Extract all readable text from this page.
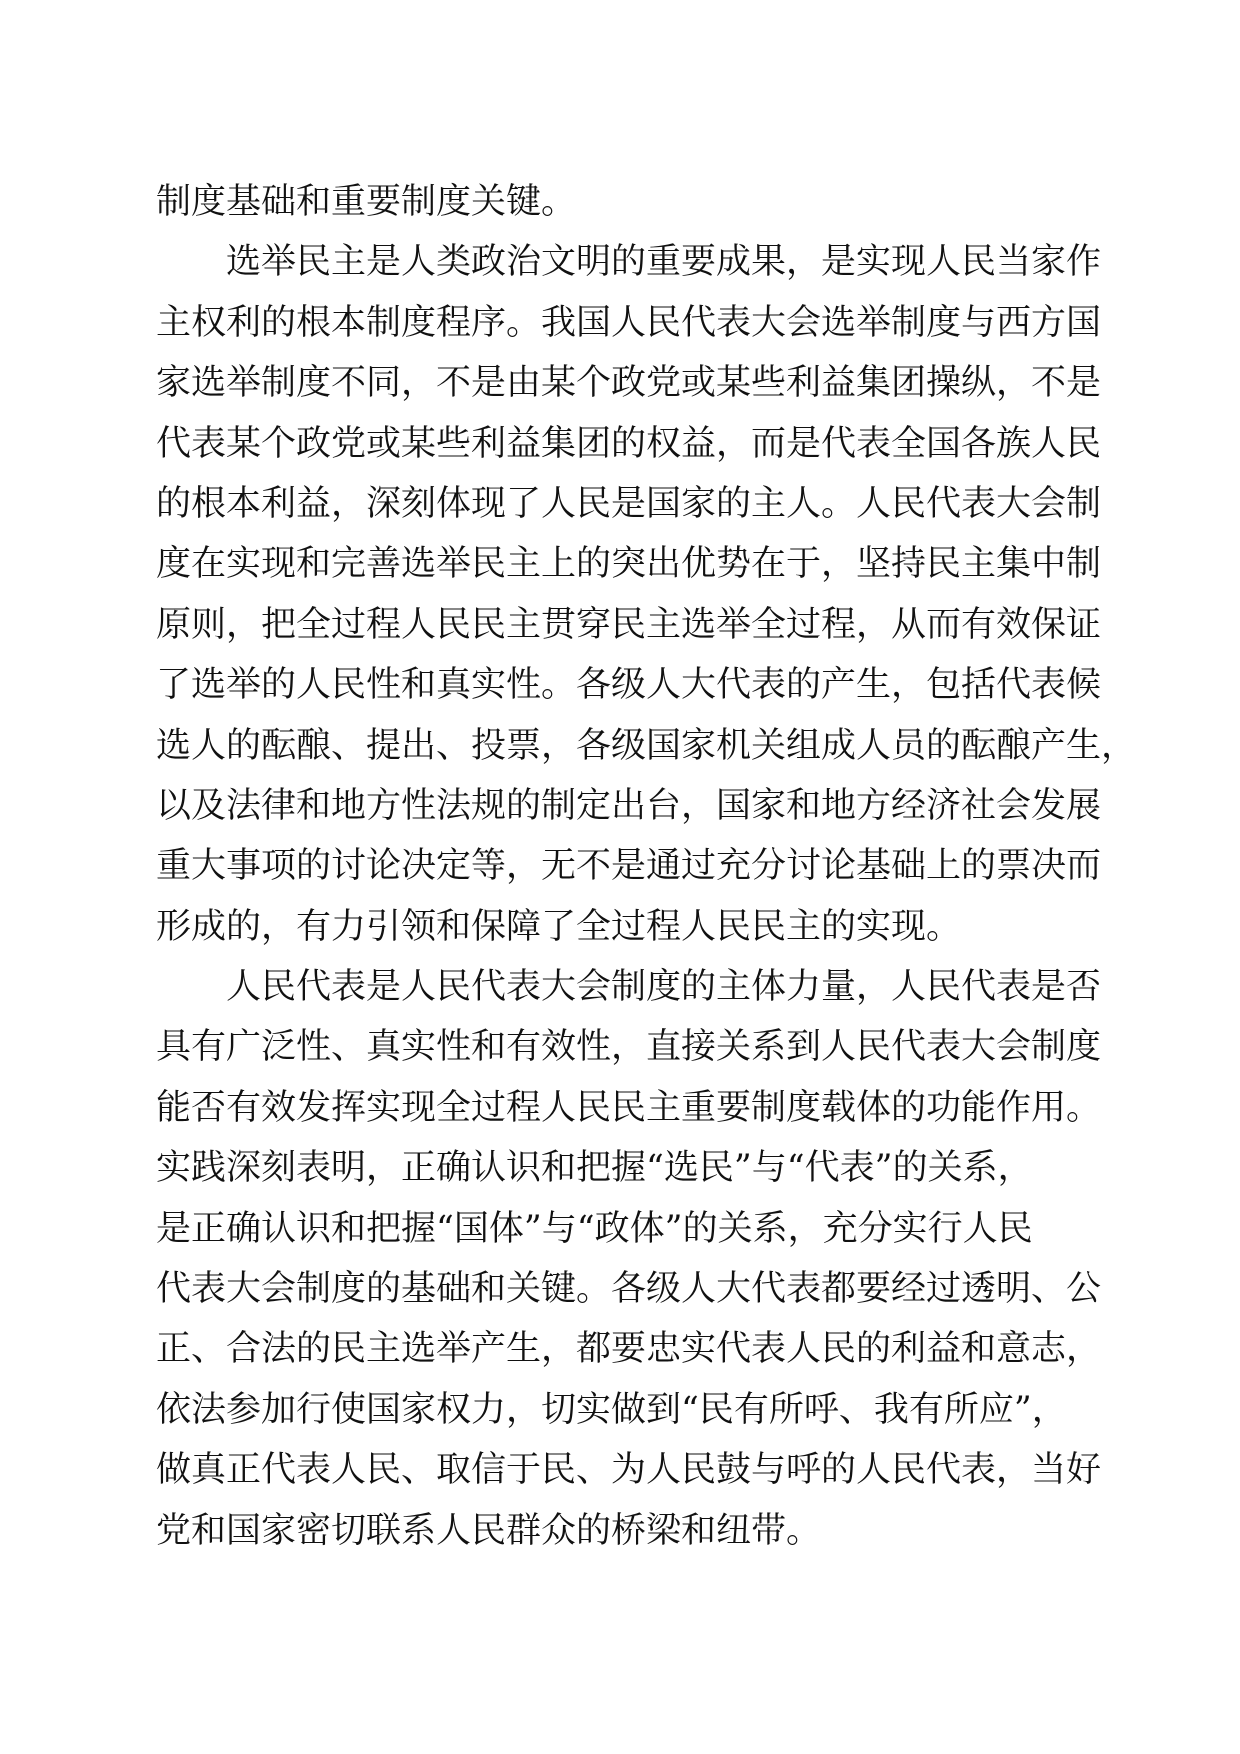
制度基础和重要制度关键。
选举民主是人类政治文明的重要成果，是实现人民当家作
主权利的根本制度程序。我国人民代表大会选举制度与西方国
家选举制度不同，不是由某个政党或某些利益集团操纵，不是
代表某个政党或某些利益集团的权益，而是代表全国各族人民
的根本利益，深刻体现了人民是国家的主人。人民代表大会制
度在实现和完善选举民主上的突出优势在于，坚持民主集中制
原则，把全过程人民民主贯穿民主选举全过程，从而有效保证
了选举的人民性和真实性。各级人大代表的产生，包括代表候
选人的酝酿、提出、投票，各级国家机关组成人员的酝酿产生，
以及法律和地方性法规的制定出台，国家和地方经济社会发展
重大事项的讨论决定等，无不是通过充分讨论基础上的票决而
形成的，有力引领和保障了全过程人民民主的实现。
人民代表是人民代表大会制度的主体力量，人民代表是否
具有广泛性、真实性和有效性，直接关系到人民代表大会制度
能否有效发挥实现全过程人民民主重要制度载体的功能作用。
实践深刻表明，正确认识和把握“选民”与“代表”的关系，
是正确认识和把握“国体”与“政体”的关系，充分实行人民
代表大会制度的基础和关键。各级人大代表都要经过透明、公
正、合法的民主选举产生，都要忠实代表人民的利益和意志，
依法参加行使国家权力，切实做到“民有所呼、我有所应”，
做真正代表人民、取信于民、为人民鼓与呼的人民代表，当好
党和国家密切联系人民群众的桥梁和纽带。
